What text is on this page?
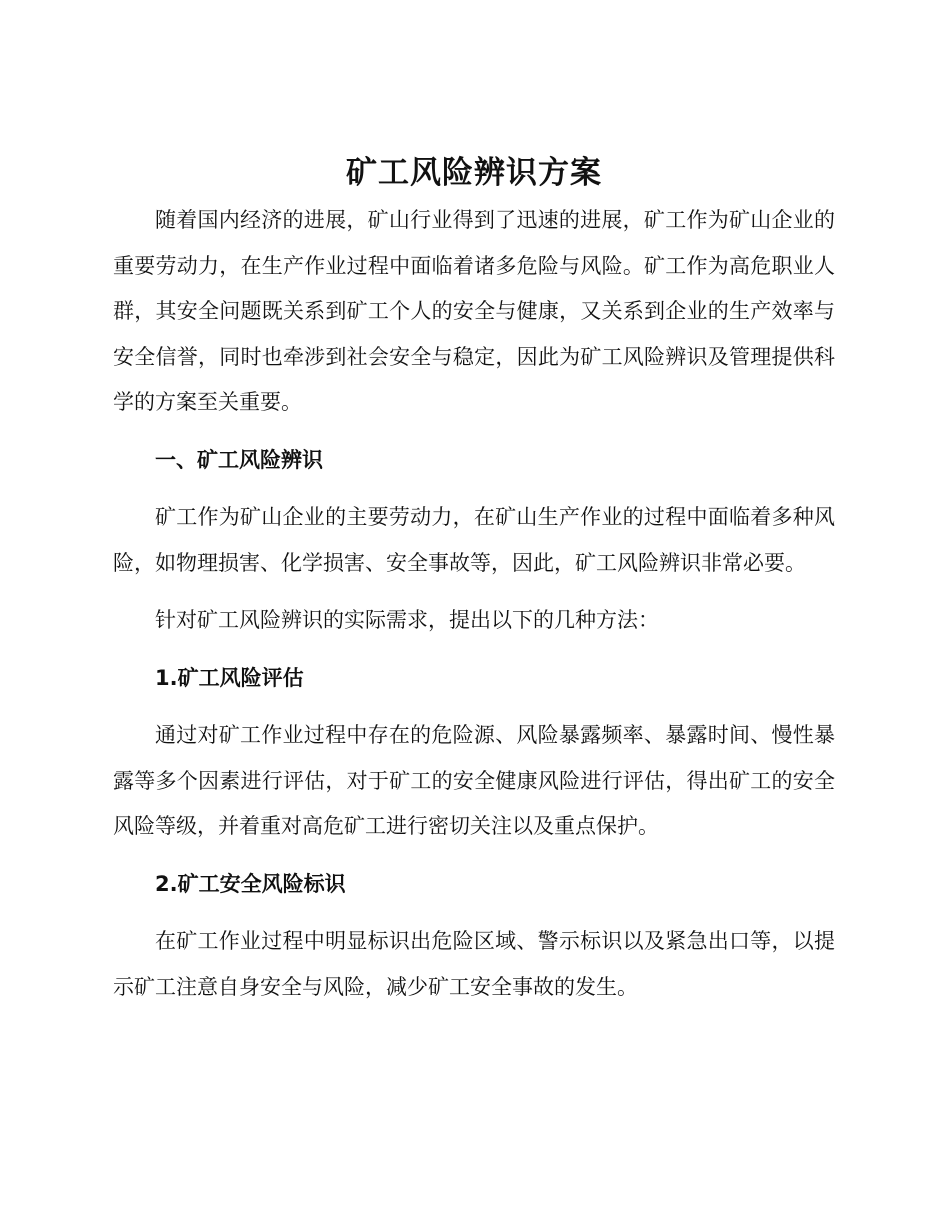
矿工风险辨识方案

随着国内经济的进展，矿山行业得到了迅速的进展，矿工作为矿山企业的重要劳动力，在生产作业过程中面临着诸多危险与风险。矿工作为高危职业人群，其安全问题既关系到矿工个人的安全与健康，又关系到企业的生产效率与安全信誉，同时也牵涉到社会安全与稳定，因此为矿工风险辨识及管理提供科学的方案至关重要。

一、矿工风险辨识

矿工作为矿山企业的主要劳动力，在矿山生产作业的过程中面临着多种风险，如物理损害、化学损害、安全事故等，因此，矿工风险辨识非常必要。

针对矿工风险辨识的实际需求，提出以下的几种方法：

1.矿工风险评估

通过对矿工作业过程中存在的危险源、风险暴露频率、暴露时间、慢性暴露等多个因素进行评估，对于矿工的安全健康风险进行评估，得出矿工的安全风险等级，并着重对高危矿工进行密切关注以及重点保护。

2.矿工安全风险标识

在矿工作业过程中明显标识出危险区域、警示标识以及紧急出口等，以提示矿工注意自身安全与风险，减少矿工安全事故的发生。
